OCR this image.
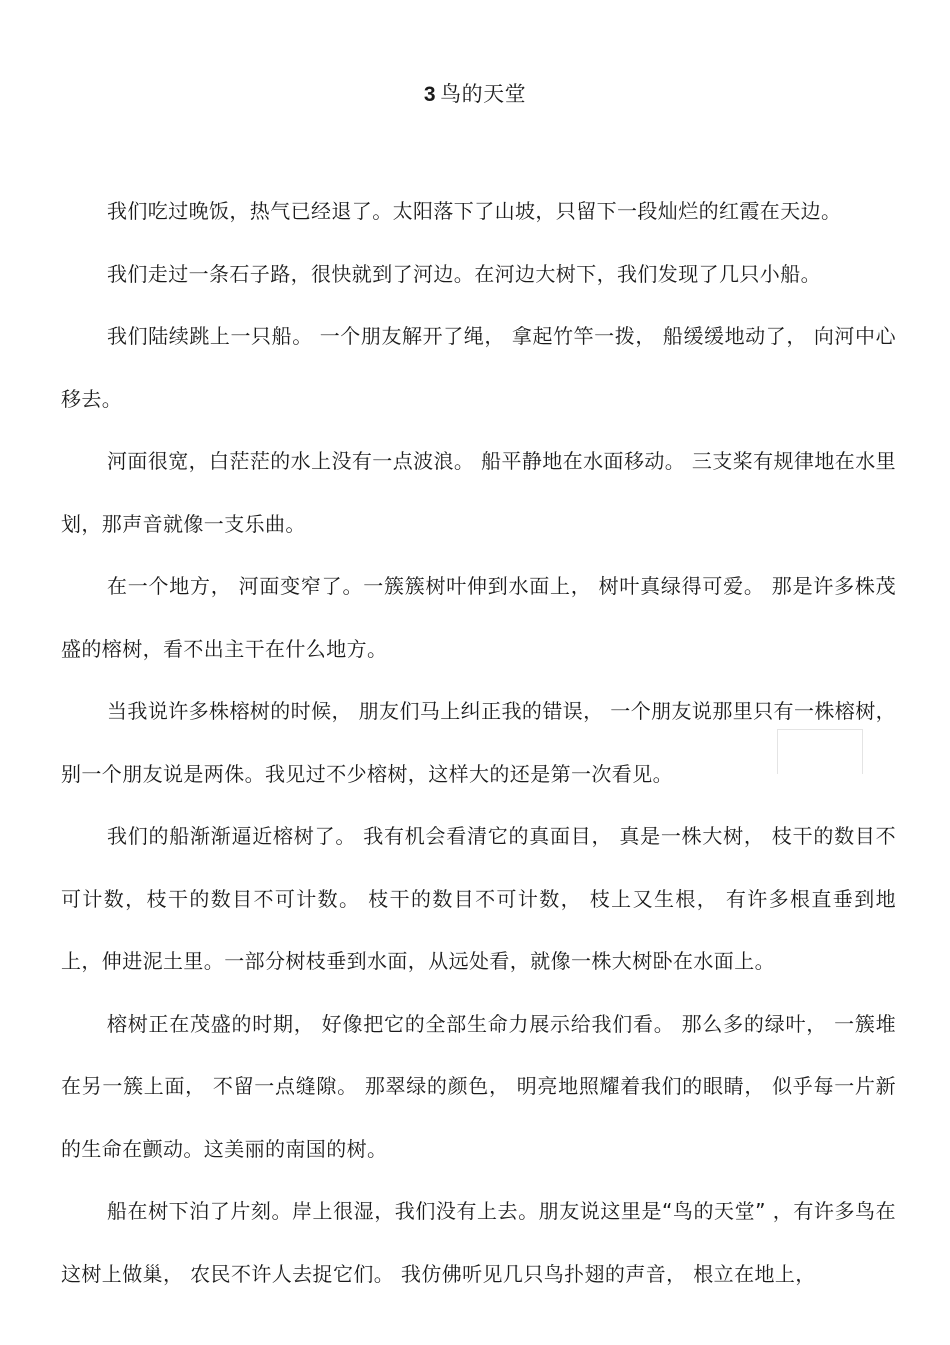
3 鸟的天堂

我们吃过晚饭，热气已经退了。太阳落下了山坡，只留下一段灿烂的红霞在天边。

我们走过一条石子路，很快就到了河边。在河边大树下，我们发现了几只小船。

我们陆续跳上一只船。 一个朋友解开了绳， 拿起竹竿一拨， 船缓缓地动了， 向河中心移去。

河面很宽，白茫茫的水上没有一点波浪。 船平静地在水面移动。 三支桨有规律地在水里划，那声音就像一支乐曲。

在一个地方， 河面变窄了。一簇簇树叶伸到水面上， 树叶真绿得可爱。 那是许多株茂盛的榕树，看不出主干在什么地方。

当我说许多株榕树的时候， 朋友们马上纠正我的错误， 一个朋友说那里只有一株榕树，别一个朋友说是两侏。我见过不少榕树，这样大的还是第一次看见。

我们的船渐渐逼近榕树了。 我有机会看清它的真面目， 真是一株大树， 枝干的数目不可计数，枝干的数目不可计数。 枝干的数目不可计数， 枝上又生根， 有许多根直垂到地上，伸进泥土里。一部分树枝垂到水面，从远处看，就像一株大树卧在水面上。

榕树正在茂盛的时期， 好像把它的全部生命力展示给我们看。 那么多的绿叶， 一簇堆在另一簇上面， 不留一点缝隙。 那翠绿的颜色， 明亮地照耀着我们的眼睛， 似乎每一片新的生命在颤动。这美丽的南国的树。

船在树下泊了片刻。岸上很湿，我们没有上去。朋友说这里是“鸟的天堂” ，有许多鸟在这树上做巢， 农民不许人去捉它们。 我仿佛听见几只鸟扑翅的声音， 根立在地上，
